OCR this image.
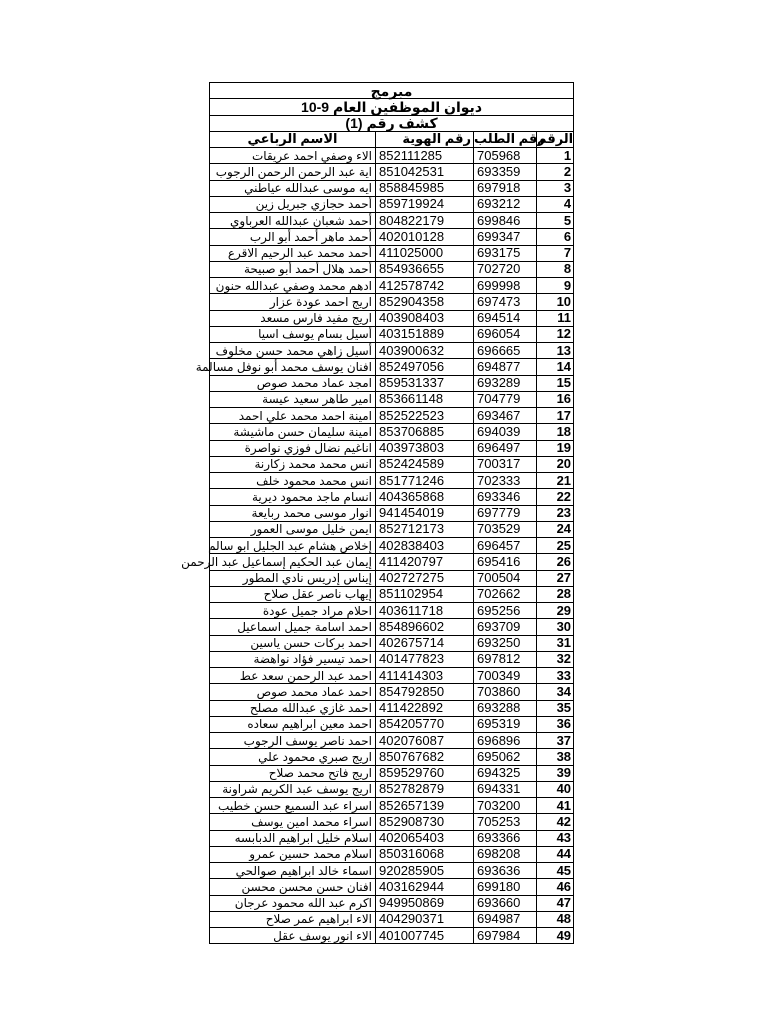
مبرمج			
ديوان الموظفين العام 9-10			
كشف رقم (1)			
الاسم الرباعي	رقم الهوية	رقم الطلب	الرقم
الاء وصفي احمد عريقات	852111285	705968	1
اية عبد الرحمن الرحمن الرجوب	851042531	693359	2
ايه موسى عبدالله عياطني	858845985	697918	3
أحمد حجازي جبريل زين	859719924	693212	4
أحمد شعبان عبدالله العرباوي	804822179	699846	5
أحمد ماهر أحمد أبو الرب	402010128	699347	6
أحمد محمد عبد الرحيم الاقرع	411025000	693175	7
أحمد هلال أحمد أبو صبيحة	854936655	702720	8
ادهم محمد وصفي عبدالله حنون	412578742	699998	9
اريج احمد عودة عزار	852904358	697473	10
اريج مفيد فارس مسعد	403908403	694514	11
أسيل بسام يوسف اسيا	403151889	696054	12
أسيل زاهي محمد حسن مخلوف	403900632	696665	13
افنان يوسف محمد أبو نوفل مسالمة	852497056	694877	14
امجد عماد محمد صوص	859531337	693289	15
امير طاهر سعيد عيسة	853661148	704779	16
امينة احمد محمد علي احمد	852522523	693467	17
امينة سليمان حسن ماشيشة	853706885	694039	18
اناغيم نضال فوزي نواصرة	403973803	696497	19
انس محمد محمد زكارنة	852424589	700317	20
انس محمد محمود خلف	851771246	702333	21
انسام ماجد محمود ديرية	404365868	693346	22
انوار موسى محمد ربايعة	941454019	697779	23
ايمن خليل موسى العمور	852712173	703529	24
إخلاص هشام عبد الجليل ابو سالم	402838403	696457	25
إيمان عبد الحكيم إسماعيل عبد الرحمن	411420797	695416	26
إيناس إدريس نادي المطور	402727275	700504	27
إيهاب ناصر عقل صلاح	851102954	702662	28
احلام مراد جميل عودة	403611718	695256	29
احمد اسامة جميل اسماعيل	854896602	693709	30
احمد بركات حسن ياسين	402675714	693250	31
احمد تيسير فؤاد نواهضة	401477823	697812	32
احمد عبد الرحمن سعد عط	411414303	700349	33
احمد عماد محمد صوص	854792850	703860	34
احمد غازي عبدالله مصلح	411422892	693288	35
احمد معين ابراهيم سعاده	854205770	695319	36
احمد ناصر يوسف الرجوب	402076087	696896	37
اريج صبري محمود علي	850767682	695062	38
اريج فاتح محمد صلاح	859529760	694325	39
اريج يوسف عبد الكريم شراونة	852782879	694331	40
اسراء عبد السميع حسن خطيب	852657139	703200	41
اسراء محمد امين يوسف	852908730	705253	42
اسلام خليل ابراهيم الدبابسه	402065403	693366	43
اسلام محمد حسين عمرو	850316068	698208	44
اسماء خالد ابراهيم صوالحي	920285905	693636	45
افنان حسن محسن محسن	403162944	699180	46
اكرم عبد الله محمود عرجان	949950869	693660	47
الاء ابراهيم عمر صلاح	404290371	694987	48
الاء انور يوسف عقل	401007745	697984	49
